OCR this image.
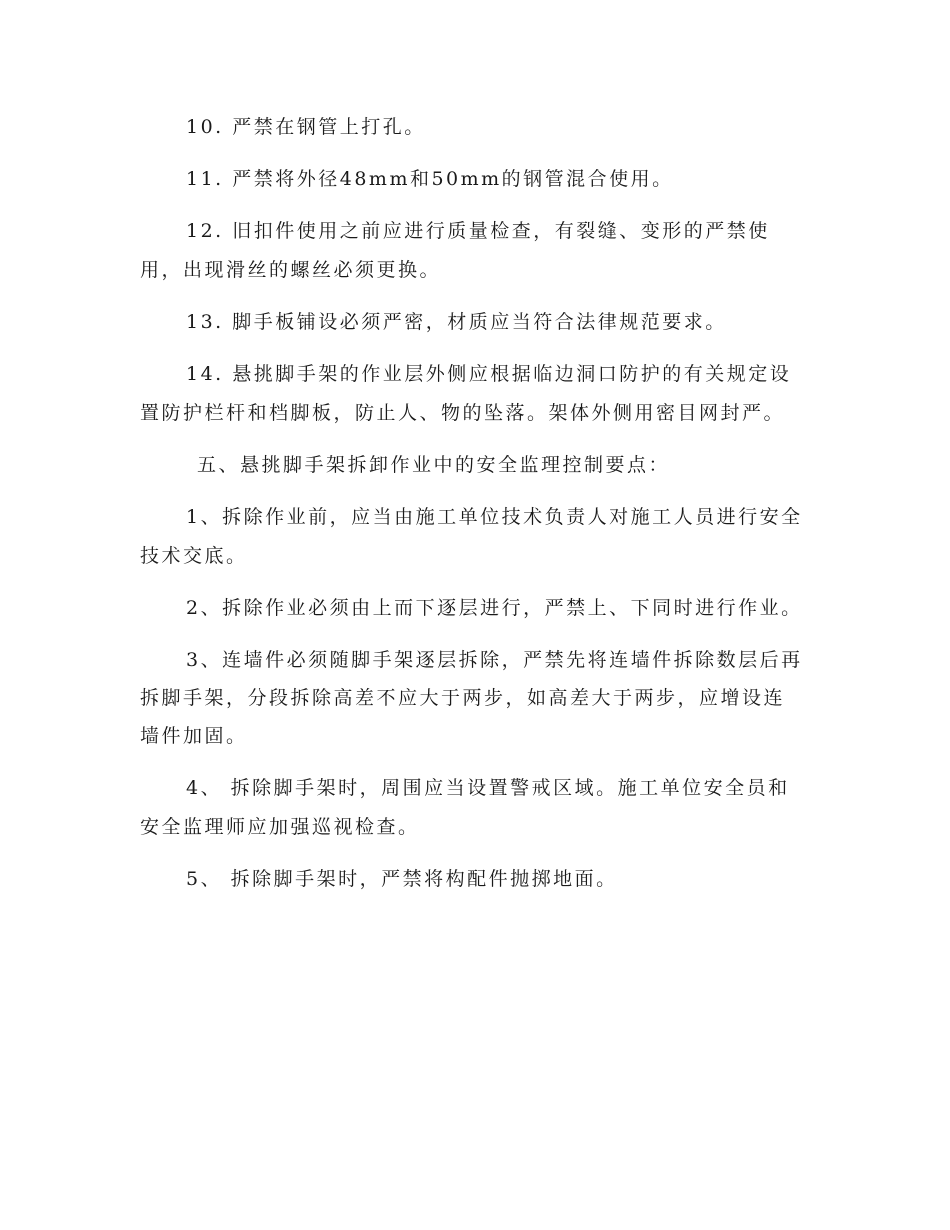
10. 严禁在钢管上打孔。
11. 严禁将外径48mm和50mm的钢管混合使用。
12. 旧扣件使用之前应进行质量检查，有裂缝、变形的严禁使
用，出现滑丝的螺丝必须更换。
13. 脚手板铺设必须严密，材质应当符合法律规范要求。
14. 悬挑脚手架的作业层外侧应根据临边洞口防护的有关规定设
置防护栏杆和档脚板，防止人、物的坠落。架体外侧用密目网封严。
五、悬挑脚手架拆卸作业中的安全监理控制要点：
1、拆除作业前，应当由施工单位技术负责人对施工人员进行安全
技术交底。
2、拆除作业必须由上而下逐层进行，严禁上、下同时进行作业。
3、连墙件必须随脚手架逐层拆除，严禁先将连墙件拆除数层后再
拆脚手架，分段拆除高差不应大于两步，如高差大于两步，应增设连
墙件加固。
4、 拆除脚手架时，周围应当设置警戒区域。施工单位安全员和
安全监理师应加强巡视检查。
5、 拆除脚手架时，严禁将构配件抛掷地面。
